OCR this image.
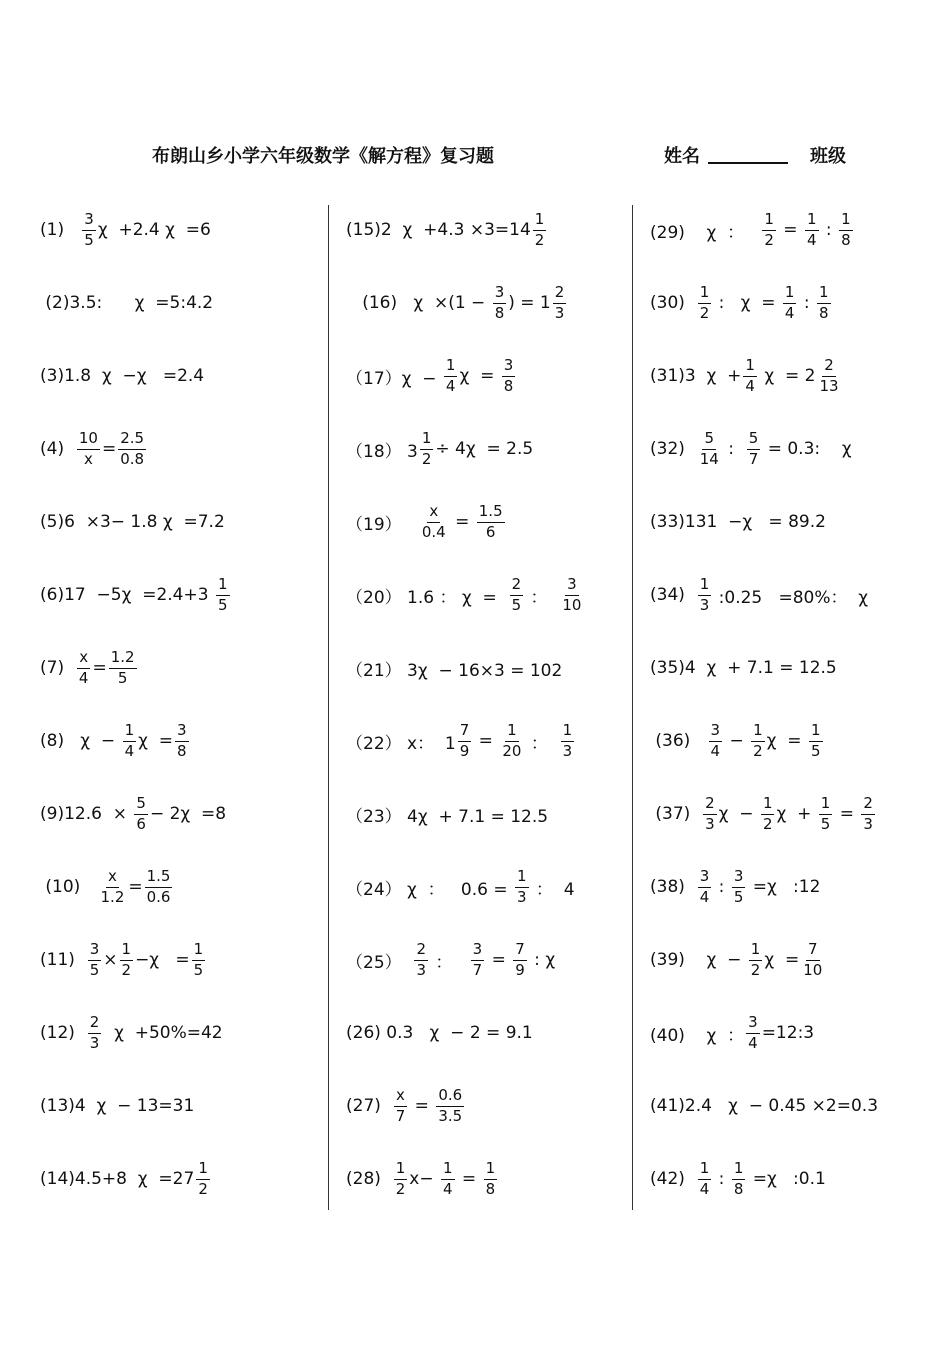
布朗山乡小学六年级数学《解方程》复习题	姓名	班级
$(1) \frac{3}{5}$ χ  +2.4 χ  =6
(2)3.5:      χ  =5:4.2
(3)1.8  χ  −χ   =2.4
$(4) \frac{10}{x} = \frac{2.5}{0.8}$
(5)6  ×3− 1.8 χ  =7.2
$(6)17 -5\chi =2.4+3 \frac{1}{5}$
$(7) \frac{x}{4} = \frac{1.2}{5}$
(8)   $\chi - \frac{1}{4}$ $\chi = \frac{3}{8}$
$(9)12.6 \times \frac{5}{6} - 2\chi =8$
$(10) \frac{x}{1.2} = \frac{1.5}{0.6}$
$(11) \frac{3}{5} \times \frac{1}{2} -\chi = \frac{1}{5}$
$(12) \frac{2}{3}$ χ  +50%=42
(13)4  χ  − 13=31
(14)4.5+8  $\chi =27 \frac{1}{2}$
(15)2  $\chi +4.3 \times 3=14 \frac{1}{2}$
(16)   $\chi \times(1 - \frac{3}{8}$ ) = $1 \frac{2}{3}$
$(17)\chi - \frac{1}{4}$ $\chi = \frac{3}{8}$
（18） $3 \frac{1}{2} \div 4\chi = 2.5$
$(19) \frac{x}{0.4} = \frac{1.5}{6}$
（20） 1.6 ： $\chi = \frac{2}{5}$ ： $\frac{3}{10}$
（21） 3χ  − 16×3 = 102
（22） x：  $1 \frac{7}{9} = \frac{1}{20}$ ： $\frac{1}{3}$
（23） 4χ  + 7.1 = 12.5
（24） χ  ：   $0.6 = \frac{1}{3}$ ：  4
$(25) \frac{2}{3}$ ： $\frac{3}{7} = \frac{7}{9}$ : χ
(26) 0.3   χ  − 2 = 9.1
$(27) \frac{x}{7} = \frac{0.6}{3.5}$
$(28) \frac{1}{2} x- \frac{1}{4} = \frac{1}{8}$
(29)    χ  ： $\frac{1}{2} = \frac{1}{4}$ : $\frac{1}{8}$
$(30) \frac{1}{2}$ :   $\chi = \frac{1}{4}$ : $\frac{1}{8}$
(31)3  $\chi + \frac{1}{4}$ $\chi = 2 \frac{2}{13}$
$(32) \frac{5}{14}$ : $\frac{5}{7} = 0.3$:    χ
(33)131  −χ   = 89.2
$(34) \frac{1}{3}$ :0.25   =80%：  χ
(35)4  χ  + 7.1 = 12.5
$(36) \frac{3}{4} - \frac{1}{2}$ $\chi = \frac{1}{5}$
$(37) \frac{2}{3}$ $\chi - \frac{1}{2}$ $\chi + \frac{1}{5} = \frac{2}{3}$
$(38) \frac{3}{4}$ : $\frac{3}{5} =\chi$   :12
(39)    $\chi - \frac{1}{2}$ $\chi = \frac{7}{10}$
(40)    χ  ： $\frac{3}{4}$ =12:3
(41)2.4   χ  − 0.45 ×2=0.3
$(42) \frac{1}{4}$ : $\frac{1}{8} =\chi$   :0.1
